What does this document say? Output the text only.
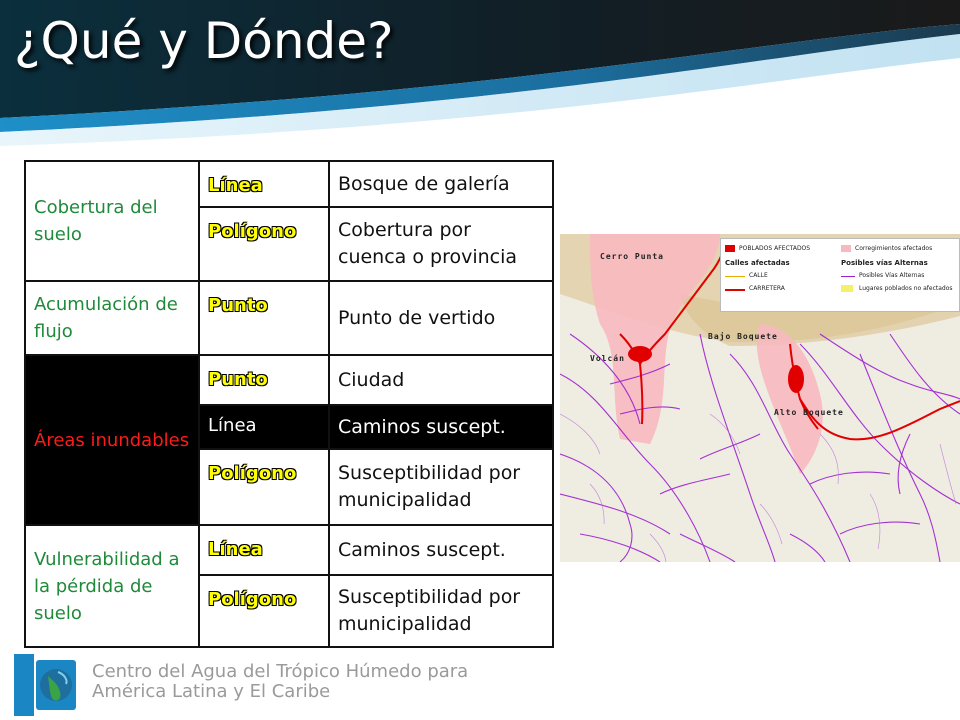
¿Qué y Dónde?
Cobertura del suelo	Línea	Bosque de galería
	Polígono	Cobertura por cuenca o provincia
Acumulación de flujo	Punto	Punto de vertido
Áreas inundables	Punto	Ciudad
	Línea	Caminos suscept.
	Polígono	Susceptibilidad por municipalidad
Vulnerabilidad a la pérdida de suelo	Línea	Caminos suscept.
	Polígono	Susceptibilidad por municipalidad
Cerro Punta
Volcán
Bajo Boquete
Alto Boquete
POBLADOS AFECTADOS	Corregimientos afectados
Calles afectadas	Posibles vías Alternas
CALLE	Posibles Vías Alternas
CARRETERA	Lugares poblados no afectados
Centro del Agua del Trópico Húmedo para
América Latina y El Caribe
